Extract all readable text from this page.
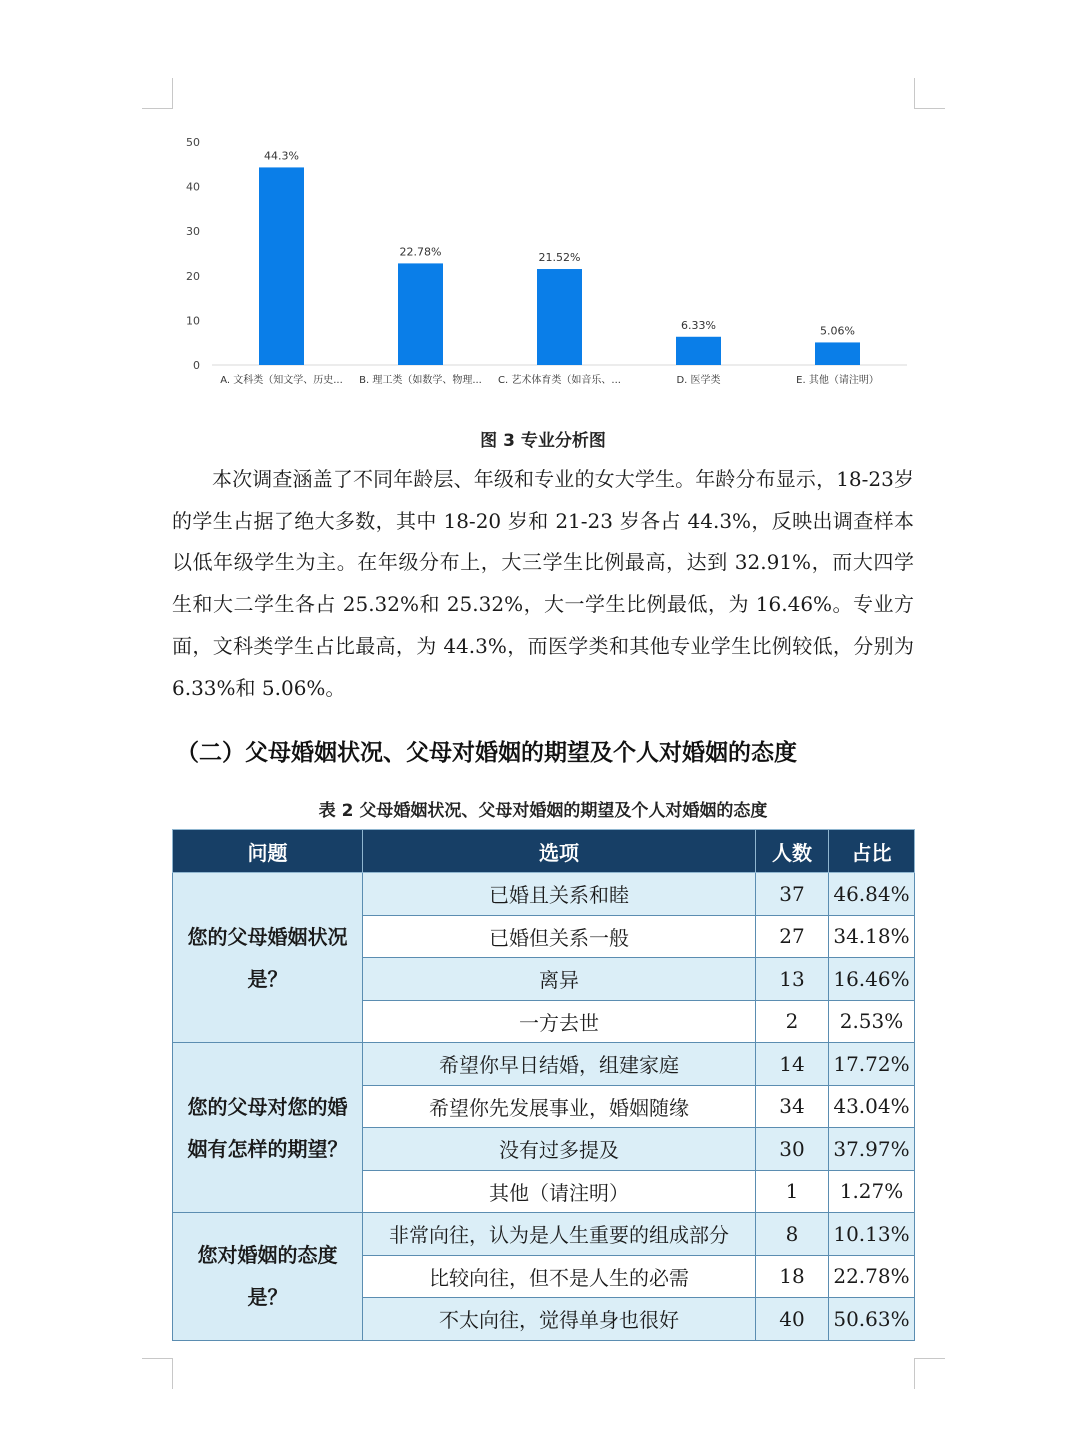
0
10
20
30
40
50
44.3%
A. 文科类（知文学、历史...
22.78%
B. 理工类（如数学、物理...
21.52%
C. 艺术体育类（如音乐、...
6.33%
D. 医学类
5.06%
E. 其他（请注明）
图 3 专业分析图

本次调查涵盖了不同年龄层、年级和专业的女大学生。年龄分布显示，18-23岁的学生占据了绝大多数，其中 18-20 岁和 21-23 岁各占 44.3%，反映出调查样本以低年级学生为主。在年级分布上，大三学生比例最高，达到 32.91%，而大四学生和大二学生各占 25.32%和 25.32%，大一学生比例最低，为 16.46%。专业方面，文科类学生占比最高，为 44.3%，而医学类和其他专业学生比例较低，分别为 6.33%和 5.06%。

（二）父母婚姻状况、父母对婚姻的期望及个人对婚姻的态度
表 2 父母婚姻状况、父母对婚姻的期望及个人对婚姻的态度
问题	选项	人数	占比
您的父母婚姻状况是？	已婚且关系和睦	37	46.84%
	已婚但关系一般	27	34.18%
	离异	13	16.46%
	一方去世	2	2.53%
您的父母对您的婚姻有怎样的期望？	希望你早日结婚，组建家庭	14	17.72%
	希望你先发展事业，婚姻随缘	34	43.04%
	没有过多提及	30	37.97%
	其他（请注明）	1	1.27%
您对婚姻的态度是？	非常向往，认为是人生重要的组成部分	8	10.13%
	比较向往，但不是人生的必需	18	22.78%
	不太向往，觉得单身也很好	40	50.63%
